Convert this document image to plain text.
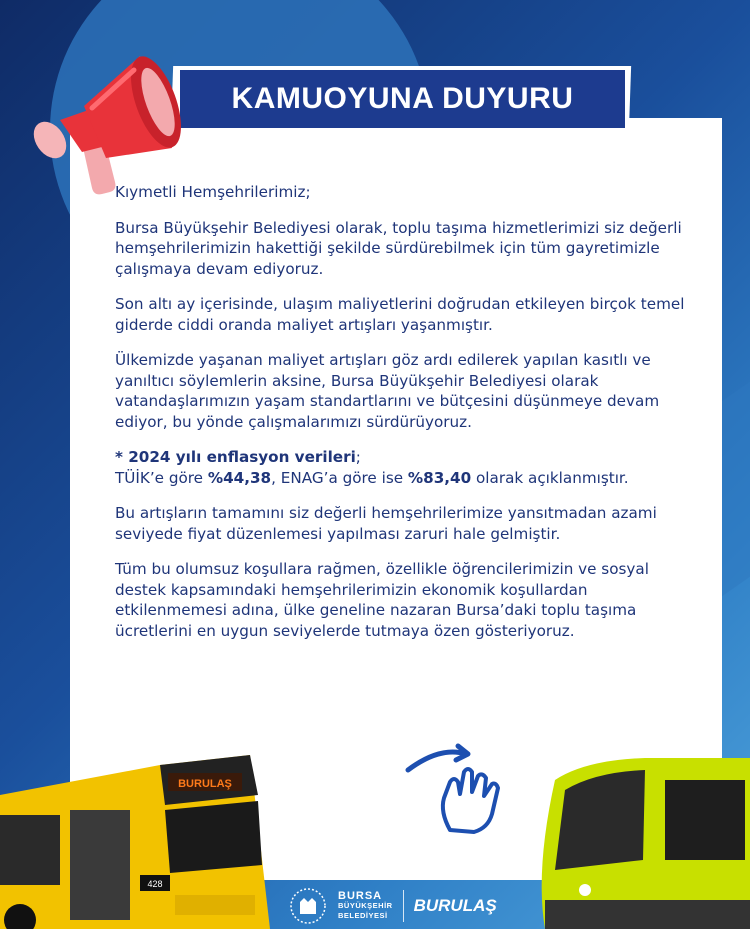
KAMUOYUNA DUYURU

Kıymetli Hemşehrilerimiz;

Bursa Büyükşehir Belediyesi olarak, toplu taşıma hizmetlerimizi siz değerli hemşehrilerimizin hakettiği şekilde sürdürebilmek için tüm gayretimizle çalışmaya devam ediyoruz.

Son altı ay içerisinde, ulaşım maliyetlerini doğrudan etkileyen birçok temel giderde ciddi oranda maliyet artışları yaşanmıştır.

Ülkemizde yaşanan maliyet artışları göz ardı edilerek yapılan kasıtlı ve yanıltıcı söylemlerin aksine, Bursa Büyükşehir Belediyesi olarak vatandaşlarımızın yaşam standartlarını ve bütçesini düşünmeye devam ediyor, bu yönde çalışmalarımızı sürdürüyoruz.

* 2024 yılı enflasyon verileri;
TÜİK’e göre %44,38, ENAG’a göre ise %83,40 olarak açıklanmıştır.

Bu artışların tamamını siz değerli hemşehrilerimize yansıtmadan azami seviyede fiyat düzenlemesi yapılması zaruri hale gelmiştir.

Tüm bu olumsuz koşullara rağmen, özellikle öğrencilerimizin ve sosyal destek kapsamındaki hemşehrilerimizin ekonomik koşullardan etkilenmemesi adına, ülke geneline nazaran Bursa’daki toplu taşıma ücretlerini en uygun seviyelerde tutmaya özen gösteriyoruz.

BURULAŞ
428
BURSA
BÜYÜKŞEHİR
BELEDİYESİ
BURULAŞ
